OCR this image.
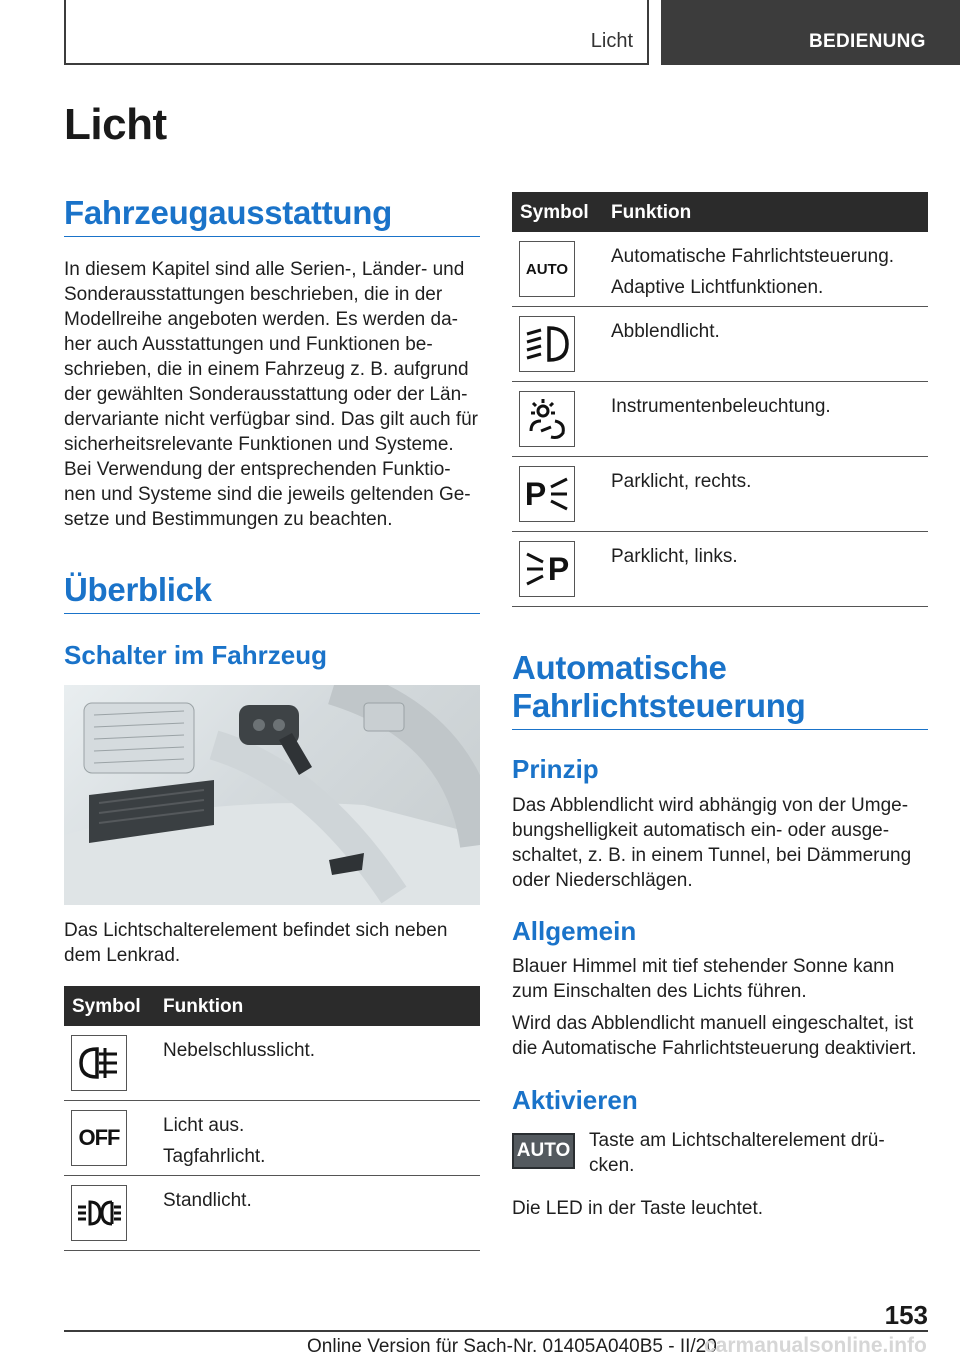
Licht	BEDIENUNG
Licht
Fahrzeugausstattung
In diesem Kapitel sind alle Serien-, Länder- und
Sonderausstattungen beschrieben, die in der
Modellreihe angeboten werden. Es werden da-
her auch Ausstattungen und Funktionen be-
schrieben, die in einem Fahrzeug z. B. aufgrund
der gewählten Sonderausstattung oder der Län-
dervariante nicht verfügbar sind. Das gilt auch für
sicherheitsrelevante Funktionen und Systeme.
Bei Verwendung der entsprechenden Funktio-
nen und Systeme sind die jeweils geltenden Ge-
setze und Bestimmungen zu beachten.
Überblick
Schalter im Fahrzeug
Das Lichtschalterelement befindet sich neben
dem Lenkrad.
Symbol Funktion
Nebelschlusslicht.
OFF Licht aus.
Tagfahrlicht.
Standlicht.
Symbol Funktion
AUTO
Automatische Fahrlichtsteuerung.
Adaptive Lichtfunktionen.
Abblendlicht.
Instrumentenbeleuchtung.
P	Parklicht, rechts.
P Parklicht, links.
Automatische
Fahrlichtsteuerung
Prinzip
Das Abblendlicht wird abhängig von der Umge-
bungshelligkeit automatisch ein- oder ausge-
schaltet, z. B. in einem Tunnel, bei Dämmerung
oder Niederschlägen.
Allgemein
Blauer Himmel mit tief stehender Sonne kann
zum Einschalten des Lichts führen.
Wird das Abblendlicht manuell eingeschaltet, ist
die Automatische Fahrlichtsteuerung deaktiviert.
Aktivieren
AUTO Taste am Lichtschalterelement drü-
cken.
Die LED in der Taste leuchtet.
153
Online Version für Sach-Nr. 01405A040B5 - II/20
carmanualsonline.info
